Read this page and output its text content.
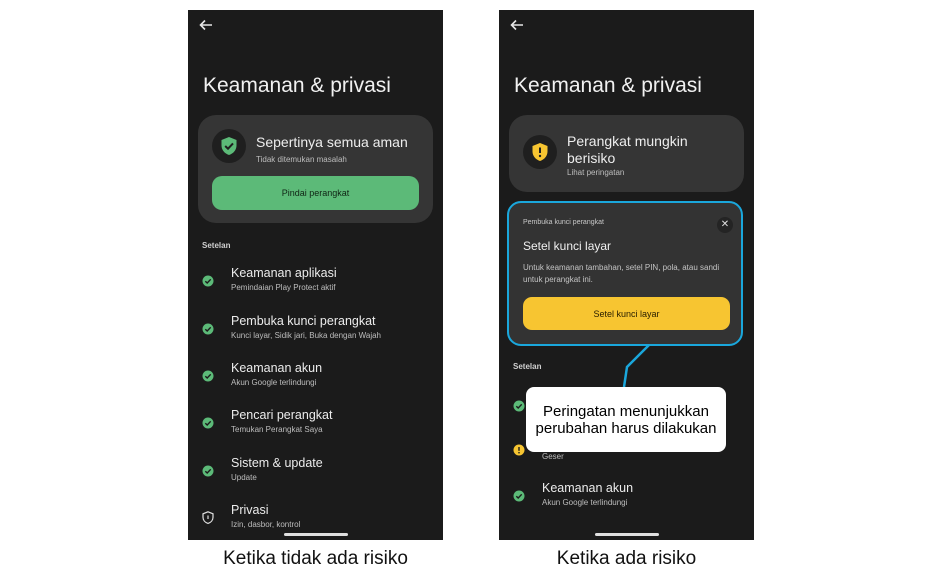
Keamanan & privasi
Sepertinya semua aman
Tidak ditemukan masalah
Pindai perangkat
Setelan
Keamanan aplikasi
Pemindaian Play Protect aktif
Pembuka kunci perangkat
Kunci layar, Sidik jari, Buka dengan Wajah
Keamanan akun
Akun Google terlindungi
Pencari perangkat
Temukan Perangkat Saya
Sistem & update
Update
Privasi
Izin, dasbor, kontrol
Keamanan & privasi
Perangkat mungkin berisiko
Lihat peringatan
Pembuka kunci perangkat	✕
Setel kunci layar
Untuk keamanan tambahan, setel PIN, pola, atau sandi untuk perangkat ini.
Setel kunci layar
Setelan
Geser
Keamanan akun
Akun Google terlindungi
Peringatan menunjukkan perubahan harus dilakukan
Ketika tidak ada risiko	Ketika ada risiko
